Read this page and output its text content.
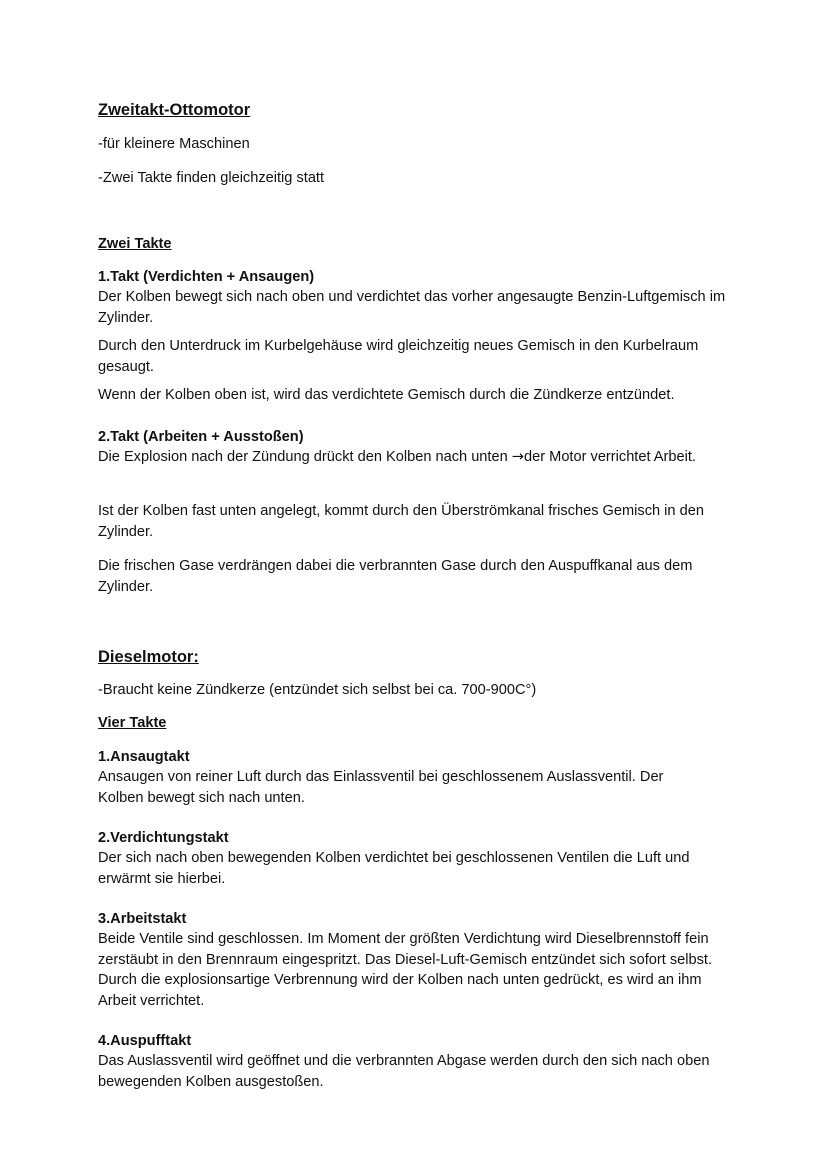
Zweitakt-Ottomotor

-für kleinere Maschinen

-Zwei Takte finden gleichzeitig statt

Zwei Takte

1.Takt (Verdichten + Ansaugen)

Der Kolben bewegt sich nach oben und verdichtet das vorher angesaugte Benzin-Luftgemisch im Zylinder.

Durch den Unterdruck im Kurbelgehäuse wird gleichzeitig neues Gemisch in den Kurbelraum gesaugt.

Wenn der Kolben oben ist, wird das verdichtete Gemisch durch die Zündkerze entzündet.

2.Takt (Arbeiten + Ausstoßen)

Die Explosion nach der Zündung drückt den Kolben nach unten →der Motor verrichtet Arbeit.

Ist der Kolben fast unten angelegt, kommt durch den Überströmkanal frisches Gemisch in den Zylinder.

Die frischen Gase verdrängen dabei die verbrannten Gase durch den Auspuffkanal aus dem Zylinder.

Dieselmotor:

-Braucht keine Zündkerze (entzündet sich selbst bei ca. 700-900C°)

Vier Takte

1.Ansaugtakt

Ansaugen von reiner Luft durch das Einlassventil bei geschlossenem Auslassventil. Der Kolben bewegt sich nach unten.

2.Verdichtungstakt

Der sich nach oben bewegenden Kolben verdichtet bei geschlossenen Ventilen die Luft und erwärmt sie hierbei.

3.Arbeitstakt

Beide Ventile sind geschlossen. Im Moment der größten Verdichtung wird Dieselbrennstoff fein zerstäubt in den Brennraum eingespritzt. Das Diesel-Luft-Gemisch entzündet sich sofort selbst. Durch die explosionsartige Verbrennung wird der Kolben nach unten gedrückt, es wird an ihm Arbeit verrichtet.

4.Auspufftakt

Das Auslassventil wird geöffnet und die verbrannten Abgase werden durch den sich nach oben bewegenden Kolben ausgestoßen.
